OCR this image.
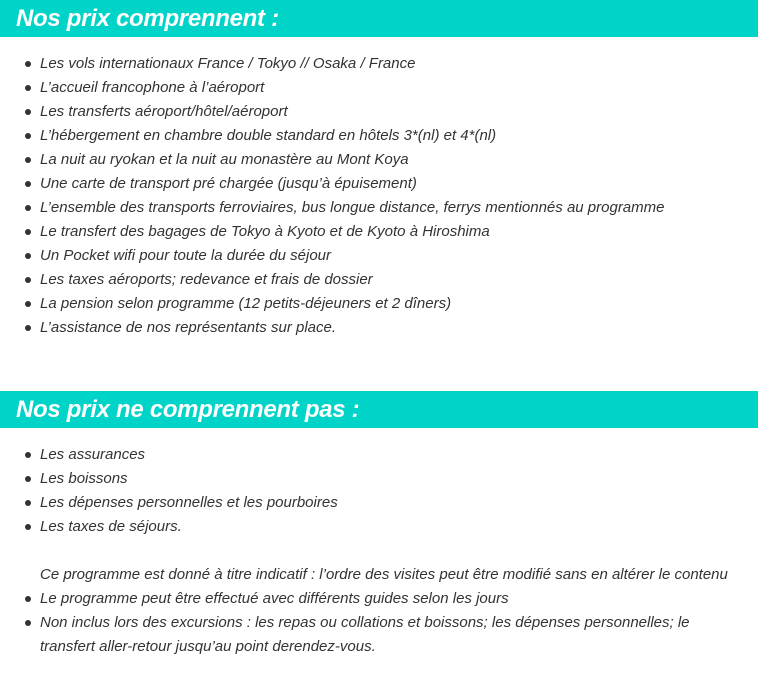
Nos prix comprennent :
Les vols internationaux France / Tokyo // Osaka / France
L’accueil francophone à l’aéroport
Les transferts aéroport/hôtel/aéroport
L’hébergement en chambre double standard en hôtels 3*(nl) et 4*(nl)
La nuit au ryokan et la nuit au monastère au Mont Koya
Une carte de transport pré chargée (jusqu’à épuisement)
L’ensemble des transports ferroviaires, bus longue distance, ferrys mentionnés au programme
Le transfert des bagages de Tokyo à Kyoto et de Kyoto à Hiroshima
Un Pocket wifi pour toute la durée du séjour
Les taxes aéroports; redevance et frais de dossier
La pension selon programme (12 petits-déjeuners et 2 dîners)
L’assistance de nos représentants sur place.
Nos prix ne comprennent pas :
Les assurances
Les boissons
Les dépenses personnelles et les pourboires
Les taxes de séjours.

Ce programme est donné à titre indicatif : l’ordre des visites peut être modifié sans en altérer le contenu

Le programme peut être effectué avec différents guides selon les jours
Non inclus lors des excursions : les repas ou collations et boissons; les dépenses personnelles; le transfert aller-retour jusqu’au point derendez-vous.
